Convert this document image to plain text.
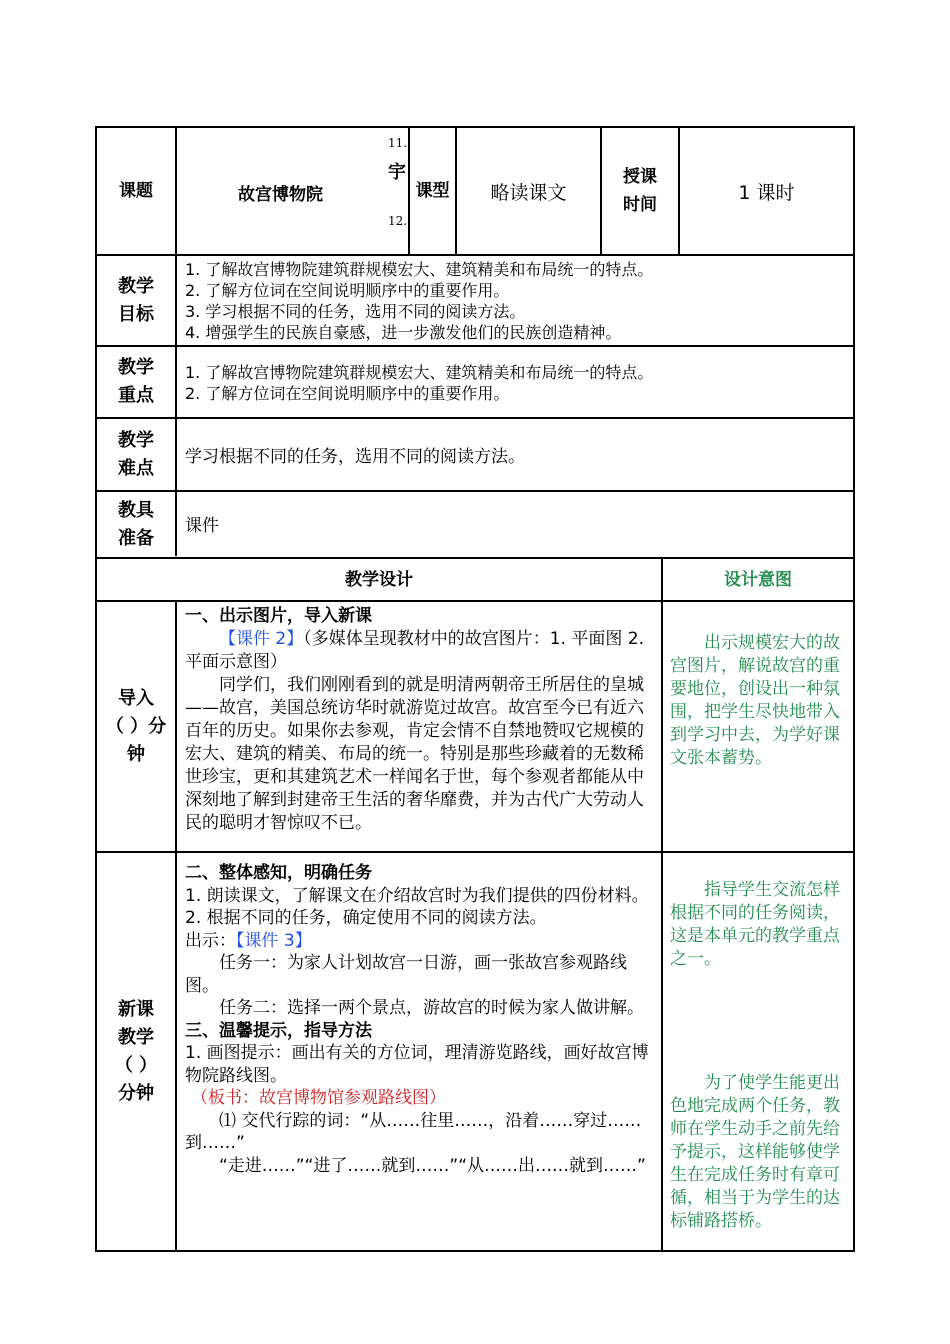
课题	故宫博物院
11.
宇
12.
课型 略读课文
授课
时间
1 课时
教学
目标

1. 了解故宫博物院建筑群规模宏大、建筑精美和布局统一的特点。

2. 了解方位词在空间说明顺序中的重要作用。

3. 学习根据不同的任务，选用不同的阅读方法。

4. 增强学生的民族自豪感，进一步激发他们的民族创造精神。

教学
重点

1. 了解故宫博物院建筑群规模宏大、建筑精美和布局统一的特点。

2. 了解方位词在空间说明顺序中的重要作用。

教学
难点
学习根据不同的任务，选用不同的阅读方法。
教具
准备
课件
教学设计	设计意图
导入
（ ）分
钟

一、出示图片，导入新课

【课件 2】（多媒体呈现教材中的故宫图片：1. 平面图 2. 平面示意图）

同学们，我们刚刚看到的就是明清两朝帝王所居住的皇城——故宫，美国总统访华时就游览过故宫。故宫至今已有近六百年的历史。如果你去参观，肯定会情不自禁地赞叹它规模的宏大、建筑的精美、布局的统一。特别是那些珍藏着的无数稀世珍宝，更和其建筑艺术一样闻名于世，每个参观者都能从中深刻地了解到封建帝王生活的奢华靡费，并为古代广大劳动人民的聪明才智惊叹不已。

出示规模宏大的故宫图片，解说故宫的重要地位，创设出一种氛围，把学生尽快地带入到学习中去，为学好课文张本蓄势。
新课
教学
（ ）
分钟

二、整体感知，明确任务

1. 朗读课文，了解课文在介绍故宫时为我们提供的四份材料。

2. 根据不同的任务，确定使用不同的阅读方法。

出示：【课件 3】

任务一：为家人计划故宫一日游，画一张故宫参观路线图。

任务二：选择一两个景点，游故宫的时候为家人做讲解。

三、温馨提示，指导方法

1. 画图提示：画出有关的方位词，理清游览路线，画好故宫博物院路线图。

（板书：故宫博物馆参观路线图）

⑴ 交代行踪的词：“从……往里……，沿着……穿过……到……”

“走进……”“进了……就到……”“从……出……就到……”

指导学生交流怎样根据不同的任务阅读，这是本单元的教学重点之一。
为了使学生能更出色地完成两个任务，教师在学生动手之前先给予提示，这样能够使学生在完成任务时有章可循，相当于为学生的达标铺路搭桥。
